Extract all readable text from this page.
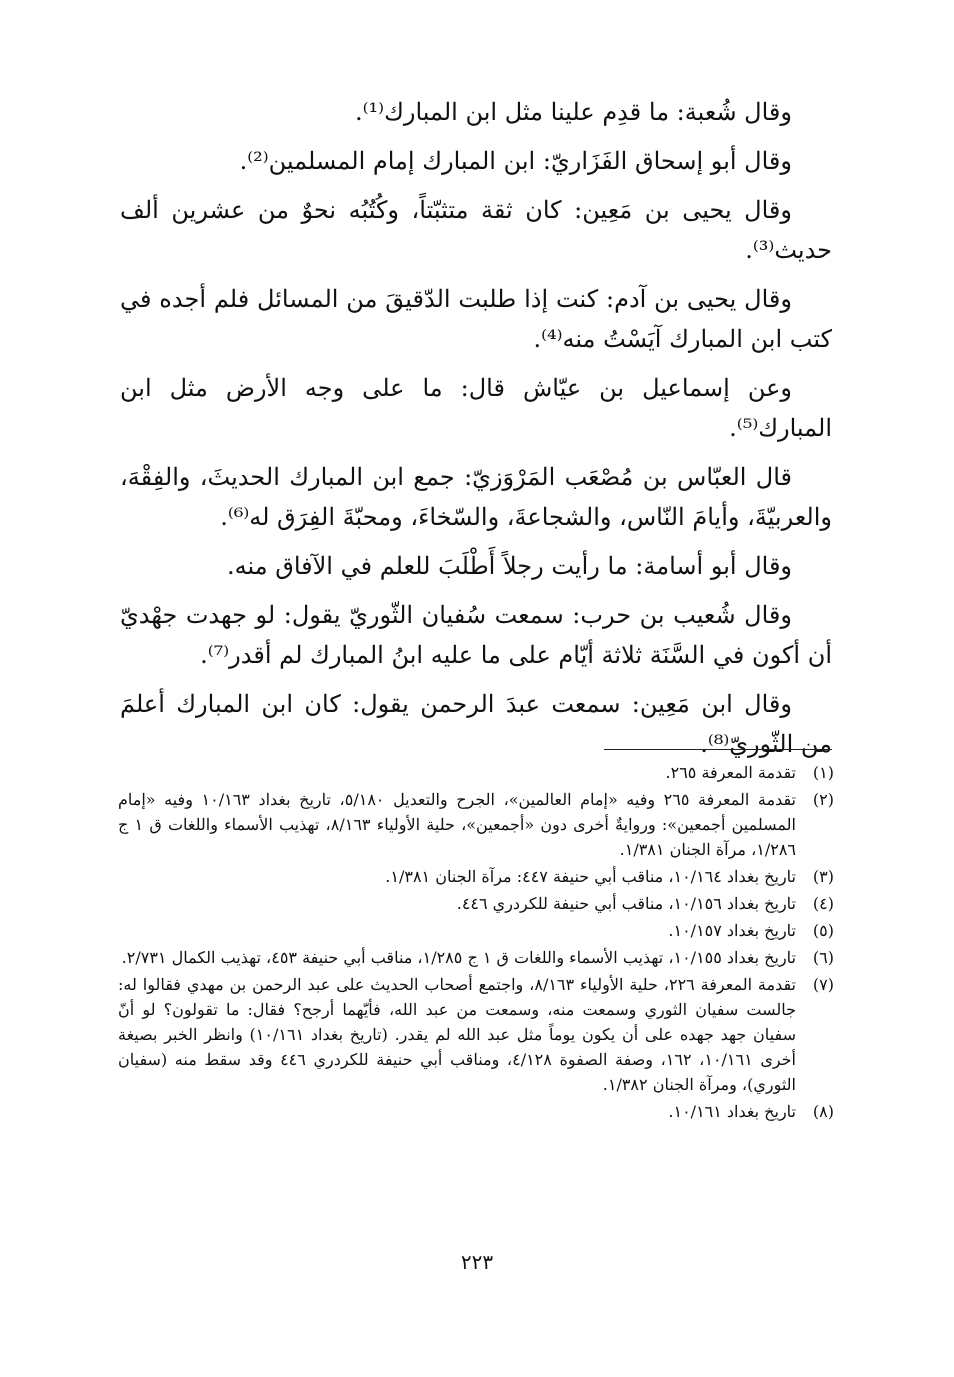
وقال شُعبة: ما قدِم علينا مثل ابن المبارك⁽¹⁾.

وقال أبو إسحاق الفَزَاريّ: ابن المبارك إمام المسلمين⁽²⁾.

وقال يحيى بن مَعِين: كان ثقة متثبّتاً، وكُتُبُه نحوٌ من عشرين ألف حديث⁽³⁾.

وقال يحيى بن آدم: كنت إذا طلبت الدّقيقَ من المسائل فلم أجده في كتب ابن المبارك آيَسْتُ منه⁽⁴⁾.

وعن إسماعيل بن عيّاش قال: ما على وجه الأرض مثل ابن المبارك⁽⁵⁾.

قال العبّاس بن مُصْعَب المَرْوَزيّ: جمع ابن المبارك الحديثَ، والفِقْهَ، والعربيّةَ، وأيامَ النّاس، والشجاعةَ، والسّخاءَ، ومحبّةَ الفِرَق له⁽⁶⁾.

وقال أبو أسامة: ما رأيت رجلاً أَطْلَبَ للعلم في الآفاق منه.

وقال شُعيب بن حرب: سمعت سُفيان الثّوريّ يقول: لو جهدت جهْديّ أن أكون في السَّنَة ثلاثة أيّام على ما عليه ابنُ المبارك لم أقدر⁽⁷⁾.

وقال ابن مَعِين: سمعت عبدَ الرحمن يقول: كان ابن المبارك أعلمَ من الثّوريّ⁽⁸⁾.

(١)
تقدمة المعرفة ٢٦٥.
(٢)
تقدمة المعرفة ٢٦٥ وفيه «إمام العالمين»، الجرح والتعديل ٥/١٨٠، تاريخ بغداد ١٠/١٦٣ وفيه «إمام المسلمين أجمعين»: وروايةٌ أخرى دون «أجمعين»، حلية الأولياء ٨/١٦٣، تهذيب الأسماء واللغات ق ١ ج ١/٢٨٦، مرآة الجنان ١/٣٨١.
(٣)
تاريخ بغداد ١٠/١٦٤، مناقب أبي حنيفة ٤٤٧: مرآة الجنان ١/٣٨١.
(٤)
تاريخ بغداد ١٠/١٥٦، مناقب أبي حنيفة للكردري ٤٤٦.
(٥)
تاريخ بغداد ١٠/١٥٧.
(٦)
تاريخ بغداد ١٠/١٥٥، تهذيب الأسماء واللغات ق ١ ج ١/٢٨٥، مناقب أبي حنيفة ٤٥٣، تهذيب الكمال ٢/٧٣١.
(٧)
تقدمة المعرفة ٢٢٦، حلية الأولياء ٨/١٦٣، واجتمع أصحاب الحديث على عبد الرحمن بن مهدي فقالوا له: جالست سفيان الثوري وسمعت منه، وسمعت من عبد الله، فأيّهما أرجح؟ فقال: ما تقولون؟ لو أنّ سفيان جهد جهده على أن يكون يوماً مثل عبد الله لم يقدر. (تاريخ بغداد ١٠/١٦١) وانظر الخبر بصيغة أخرى ١٠/١٦١، ١٦٢، وصفة الصفوة ٤/١٢٨، ومناقب أبي حنيفة للكردري ٤٤٦ وقد سقط منه (سفيان الثوري)، ومرآة الجنان ١/٣٨٢.
(٨)
تاريخ بغداد ١٠/١٦١.
٢٢٣
